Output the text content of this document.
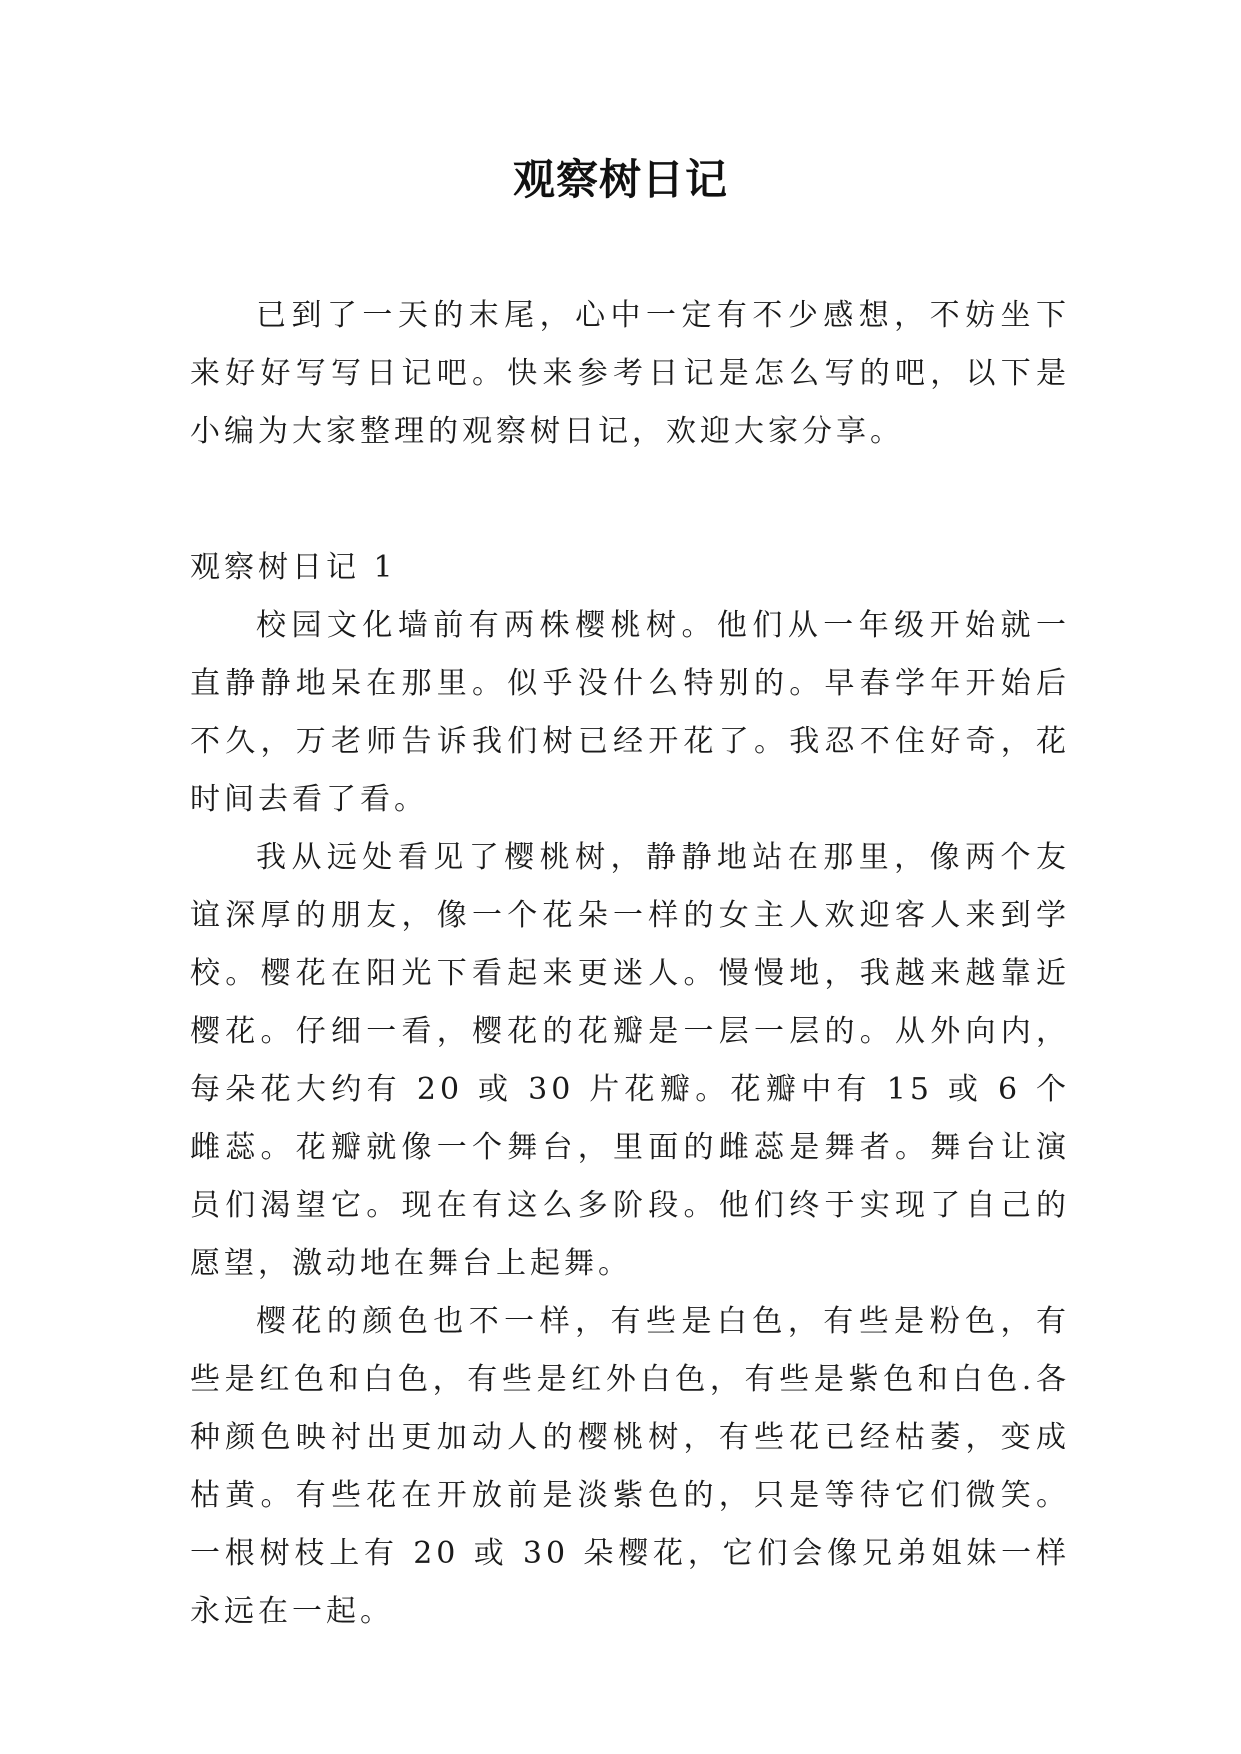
观察树日记

已到了一天的末尾，心中一定有不少感想，不妨坐下来好好写写日记吧。快来参考日记是怎么写的吧，以下是小编为大家整理的观察树日记，欢迎大家分享。

观察树日记 1

校园文化墙前有两株樱桃树。他们从一年级开始就一直静静地呆在那里。似乎没什么特别的。早春学年开始后不久，万老师告诉我们树已经开花了。我忍不住好奇，花时间去看了看。

我从远处看见了樱桃树，静静地站在那里，像两个友谊深厚的朋友，像一个花朵一样的女主人欢迎客人来到学校。樱花在阳光下看起来更迷人。慢慢地，我越来越靠近樱花。仔细一看，樱花的花瓣是一层一层的。从外向内，每朵花大约有 20 或 30 片花瓣。花瓣中有 15 或 6 个雌蕊。花瓣就像一个舞台，里面的雌蕊是舞者。舞台让演员们渴望它。现在有这么多阶段。他们终于实现了自己的愿望，激动地在舞台上起舞。

樱花的颜色也不一样，有些是白色，有些是粉色，有些是红色和白色，有些是红外白色，有些是紫色和白色.各种颜色映衬出更加动人的樱桃树，有些花已经枯萎，变成枯黄。有些花在开放前是淡紫色的，只是等待它们微笑。一根树枝上有 20 或 30 朵樱花，它们会像兄弟姐妹一样永远在一起。
